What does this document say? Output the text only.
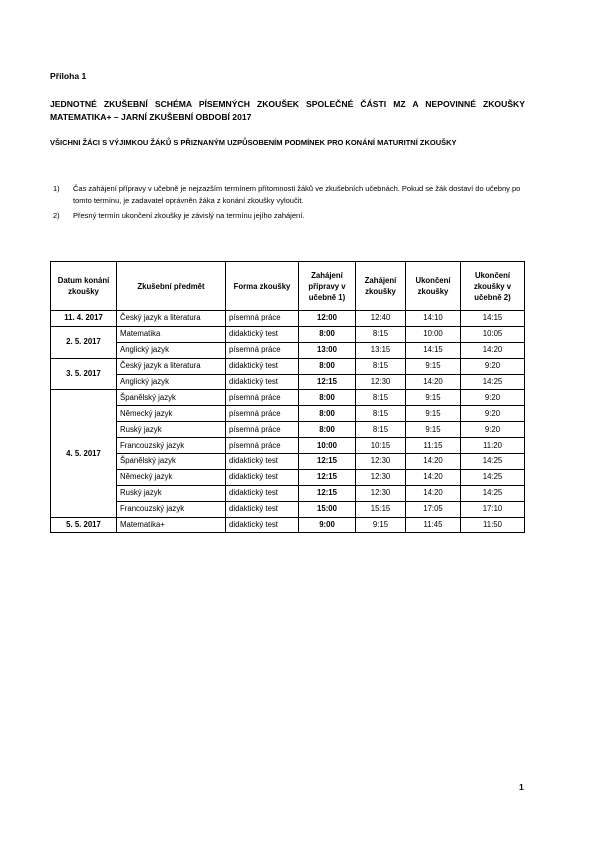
Příloha 1
JEDNOTNÉ ZKUŠEBNÍ SCHÉMA PÍSEMNÝCH ZKOUŠEK SPOLEČNÉ ČÁSTI MZ A NEPOVINNÉ ZKOUŠKY MATEMATIKA+ – JARNÍ ZKUŠEBNÍ OBDOBÍ 2017
VŠICHNI ŽÁCI S VÝJIMKOU ŽÁKŮ S PŘIZNANÝM UZPŮSOBENÍM PODMÍNEK PRO KONÁNÍ MATURITNÍ ZKOUŠKY
1) Čas zahájení přípravy v učebně je nejzazším termínem přítomnosti žáků ve zkušebních učebnách. Pokud se žák dostaví do učebny po tomto termínu, je zadavatel oprávněn žáka z konání zkoušky vyloučit.
2) Přesný termín ukončení zkoušky je závislý na termínu jejího zahájení.
Datum konání zkoušky	Zkušební předmět	Forma zkoušky	Zahájení přípravy v učebně 1)	Zahájení zkoušky	Ukončení zkoušky	Ukončení zkoušky v učebně 2)
11. 4. 2017	Český jazyk a literatura	písemná práce	12:00	12:40	14:10	14:15
2. 5. 2017	Matematika	didaktický test	8:00	8:15	10:00	10:05
	Anglický jazyk	písemná práce	13:00	13:15	14:15	14:20
3. 5. 2017	Český jazyk a literatura	didaktický test	8:00	8:15	9:15	9:20
	Anglický jazyk	didaktický test	12:15	12:30	14:20	14:25
4. 5. 2017	Španělský jazyk	písemná práce	8:00	8:15	9:15	9:20
	Německý jazyk	písemná práce	8:00	8:15	9:15	9:20
	Ruský jazyk	písemná práce	8:00	8:15	9:15	9:20
	Francouzský jazyk	písemná práce	10:00	10:15	11:15	11:20
	Španělský jazyk	didaktický test	12:15	12:30	14:20	14:25
	Německý jazyk	didaktický test	12:15	12:30	14:20	14:25
	Ruský jazyk	didaktický test	12:15	12:30	14:20	14:25
	Francouzský jazyk	didaktický test	15:00	15:15	17:05	17:10
5. 5. 2017	Matematika+	didaktický test	9:00	9:15	11:45	11:50
1
